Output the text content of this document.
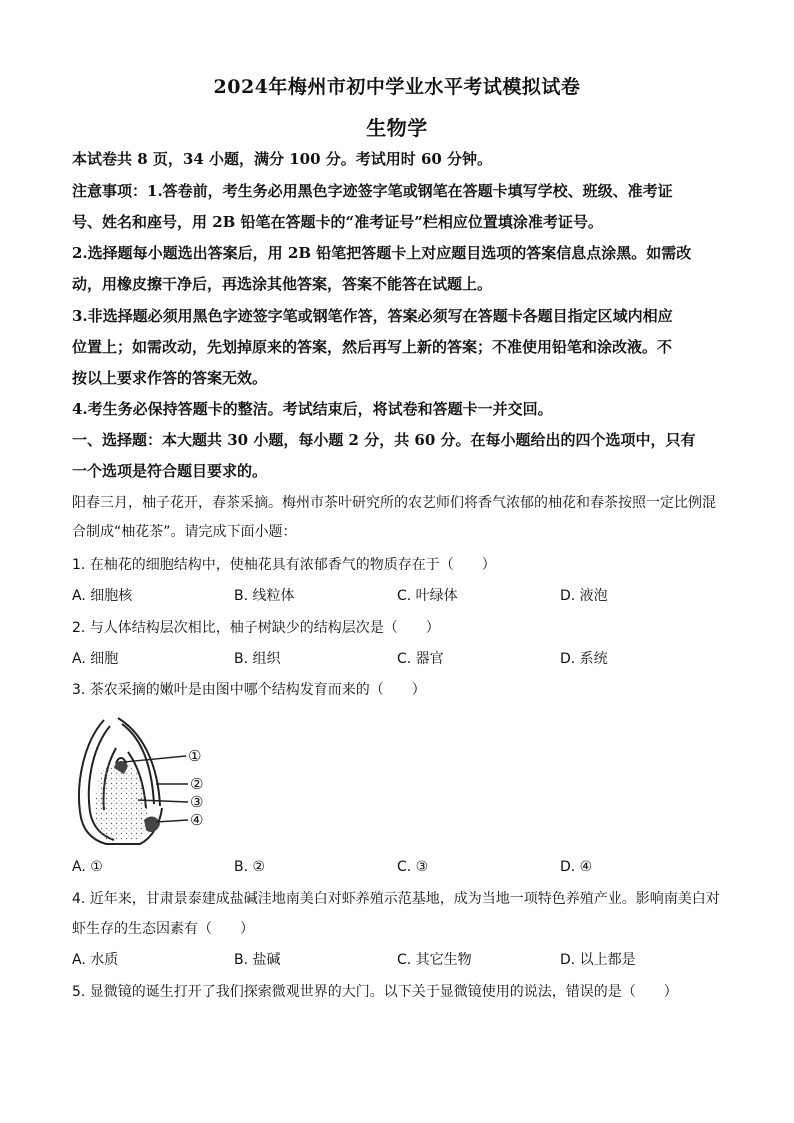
2024年梅州市初中学业水平考试模拟试卷
生物学
本试卷共 8 页，34 小题，满分 100 分。考试用时 60 分钟。
注意事项：1.答卷前，考生务必用黑色字迹签字笔或钢笔在答题卡填写学校、班级、准考证
号、姓名和座号，用 2B 铅笔在答题卡的“准考证号”栏相应位置填涂准考证号。
2.选择题每小题选出答案后，用 2B 铅笔把答题卡上对应题目选项的答案信息点涂黑。如需改
动，用橡皮擦干净后，再选涂其他答案，答案不能答在试题上。
3.非选择题必须用黑色字迹签字笔或钢笔作答，答案必须写在答题卡各题目指定区域内相应
位置上；如需改动，先划掉原来的答案，然后再写上新的答案；不准使用铅笔和涂改液。不
按以上要求作答的答案无效。
4.考生务必保持答题卡的整洁。考试结束后，将试卷和答题卡一并交回。
一、选择题：本大题共 30 小题，每小题 2 分，共 60 分。在每小题给出的四个选项中，只有
一个选项是符合题目要求的。
阳春三月，柚子花开，春茶采摘。梅州市茶叶研究所的农艺师们将香气浓郁的柚花和春茶按照一定比例混
合制成“柚花茶”。请完成下面小题：
1. 在柚花的细胞结构中，使柚花具有浓郁香气的物质存在于（　　）
A. 细胞核	B. 线粒体	C. 叶绿体	D. 液泡
2. 与人体结构层次相比，柚子树缺少的结构层次是（　　）
A. 细胞	B. 组织	C. 器官	D. 系统
3. 茶农采摘的嫩叶是由图中哪个结构发育而来的（　　）
①
②
③
④
A. ①	B. ②	C. ③	D. ④
4. 近年来，甘肃景泰建成盐碱洼地南美白对虾养殖示范基地，成为当地一项特色养殖产业。影响南美白对
虾生存的生态因素有（　　）
A. 水质	B. 盐碱	C. 其它生物	D. 以上都是
5. 显微镜的诞生打开了我们探索微观世界的大门。以下关于显微镜使用的说法，错误的是（　　）
